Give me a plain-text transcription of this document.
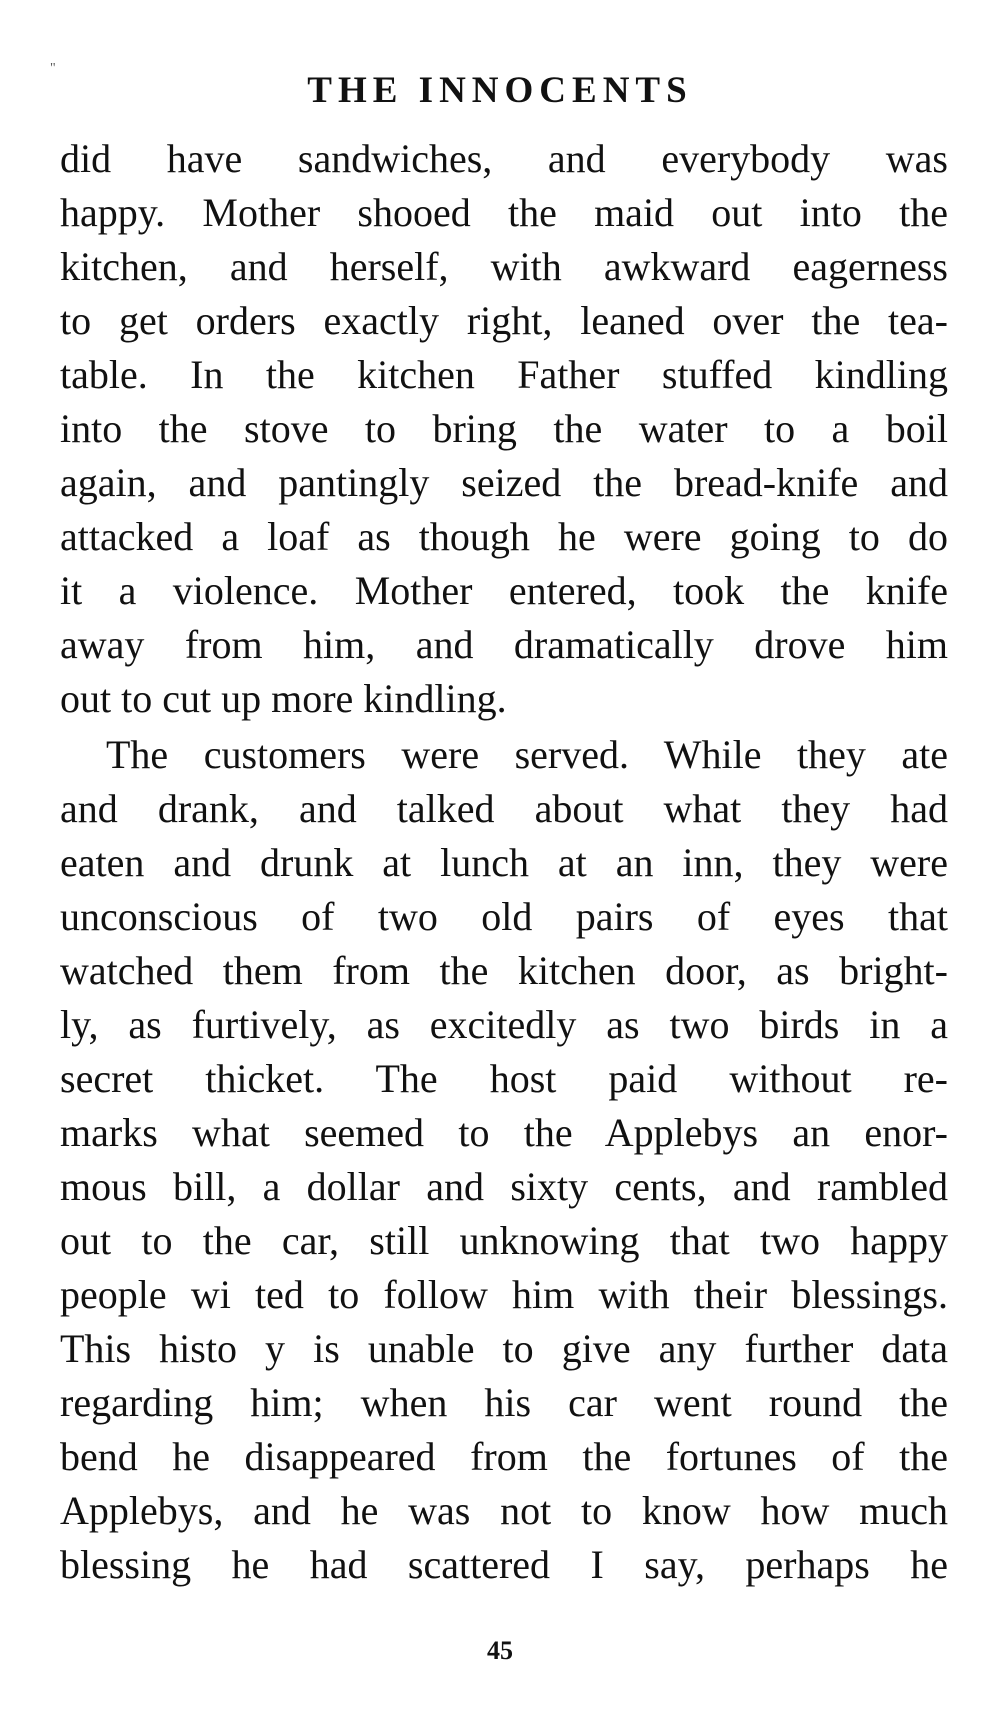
"
THE INNOCENTS
did have sandwiches, and everybody was
happy. Mother shooed the maid out into the
kitchen, and herself, with awkward eagerness
to get orders exactly right, leaned over the tea-
table. In the kitchen Father stuffed kindling
into the stove to bring the water to a boil
again, and pantingly seized the bread-knife and
attacked a loaf as though he were going to do
it a violence. Mother entered, took the knife
away from him, and dramatically drove him
out to cut up more kindling.
The customers were served. While they ate
and drank, and talked about what they had
eaten and drunk at lunch at an inn, they were
unconscious of two old pairs of eyes that
watched them from the kitchen door, as bright-
ly, as furtively, as excitedly as two birds in a
secret thicket. The host paid without re-
marks what seemed to the Applebys an enor-
mous bill, a dollar and sixty cents, and rambled
out to the car, still unknowing that two happy
people wi ted to follow him with their blessings.
This histo y is unable to give any further data
regarding him; when his car went round the
bend he disappeared from the fortunes of the
Applebys, and he was not to know how much
blessing he had scattered I say, perhaps he
45
